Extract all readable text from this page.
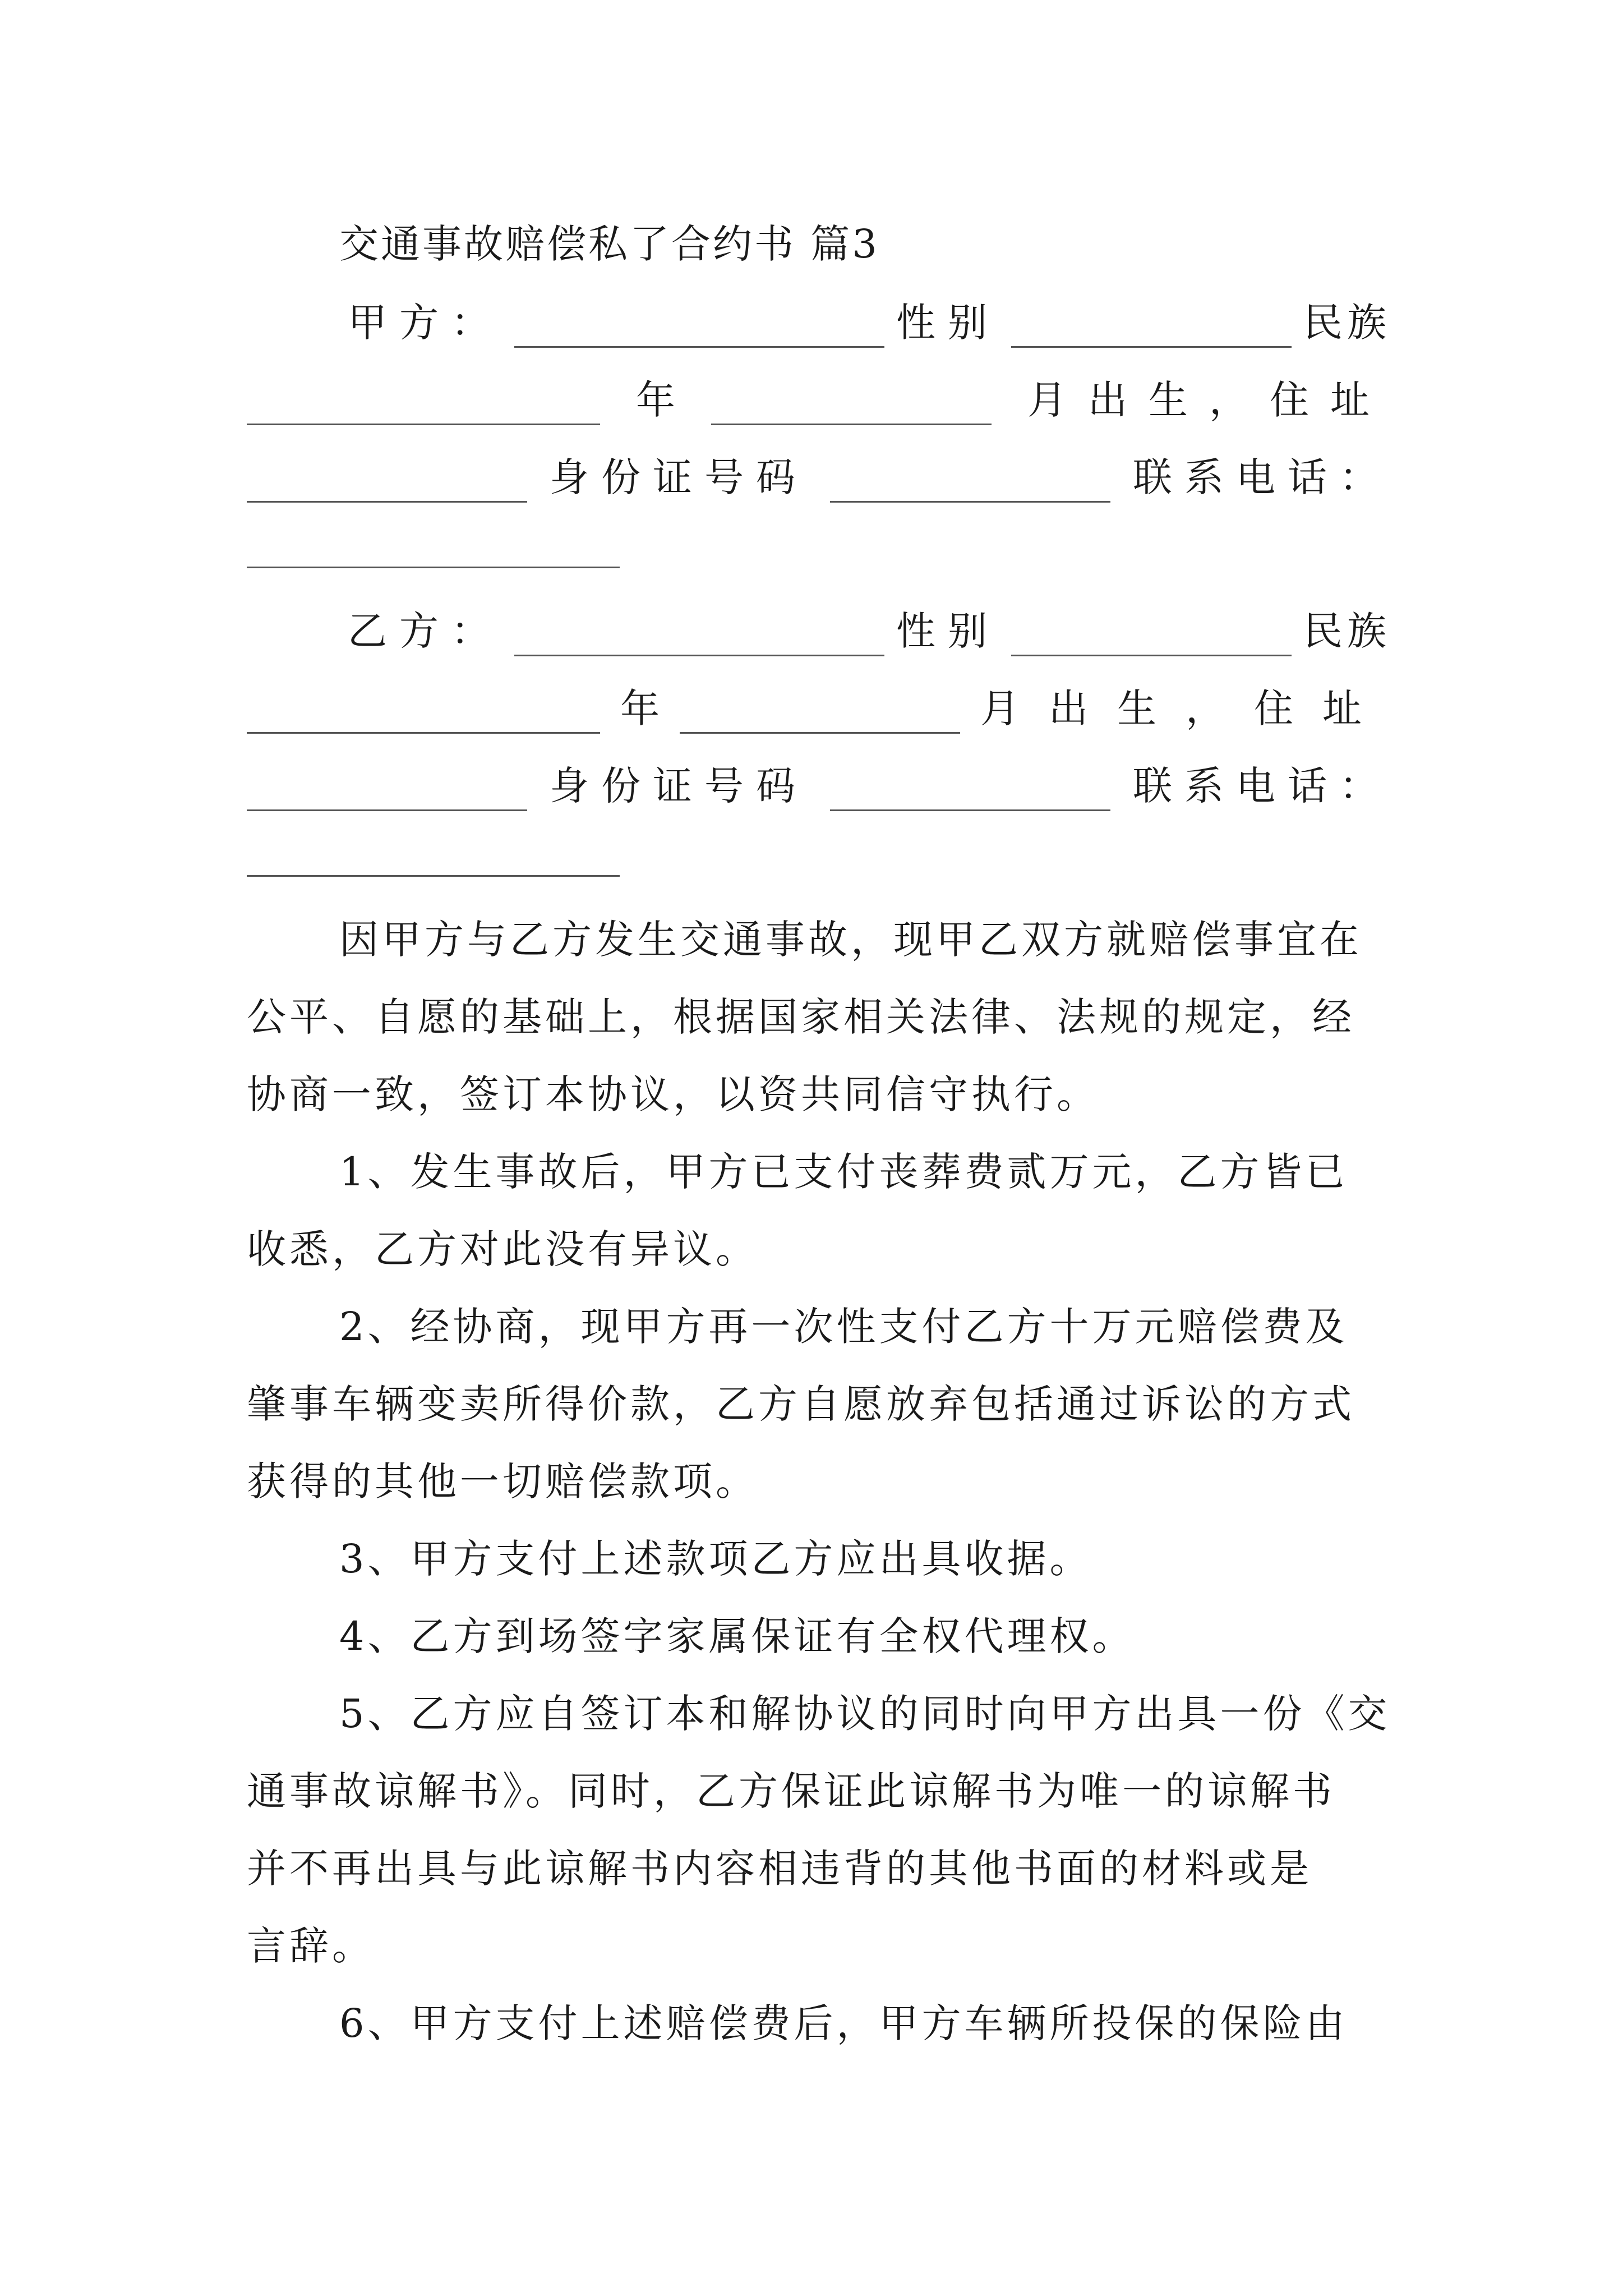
交通事故赔偿私了合约书 篇3
甲方：	性别	民族
年	月出生，住址
身份证号码	联系电话：
乙方：	性别	民族
年	月出生，住址
身份证号码	联系电话：
因甲方与乙方发生交通事故，现甲乙双方就赔偿事宜在
公平、自愿的基础上，根据国家相关法律、法规的规定，经
协商一致，签订本协议，以资共同信守执行。
1、发生事故后，甲方已支付丧葬费贰万元，乙方皆已
收悉，乙方对此没有异议。
2、经协商，现甲方再一次性支付乙方十万元赔偿费及
肇事车辆变卖所得价款，乙方自愿放弃包括通过诉讼的方式
获得的其他一切赔偿款项。
3、甲方支付上述款项乙方应出具收据。
4、乙方到场签字家属保证有全权代理权。
5、乙方应自签订本和解协议的同时向甲方出具一份《交
通事故谅解书》。同时，乙方保证此谅解书为唯一的谅解书
并不再出具与此谅解书内容相违背的其他书面的材料或是
言辞。
6、甲方支付上述赔偿费后，甲方车辆所投保的保险由
